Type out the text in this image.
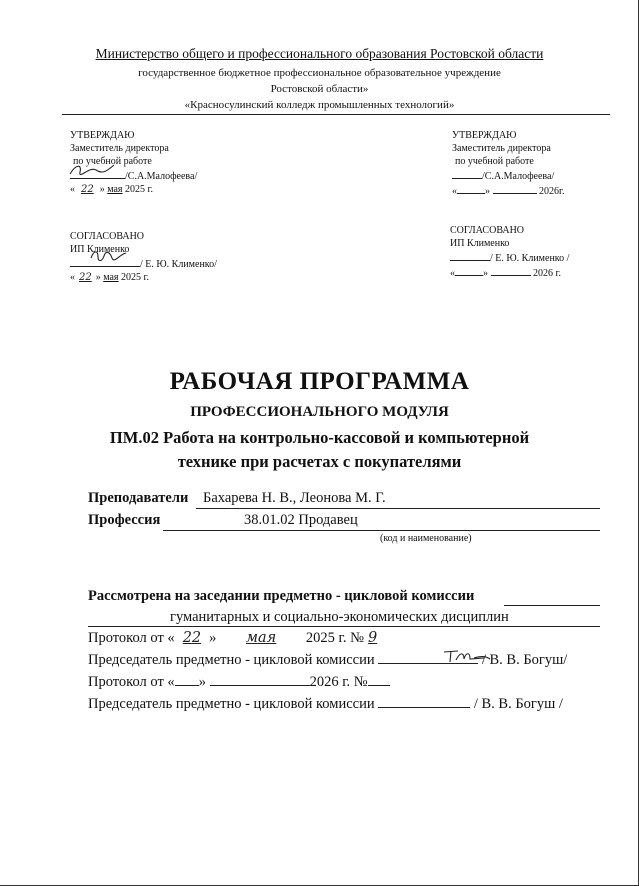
Министерство общего и профессионального образования Ростовской области
государственное бюджетное профессиональное образовательное учреждение
Ростовской области»
«Красносулинский колледж промышленных технологий»
УТВЕРЖДАЮ
Заместитель директора
по учебной работе
/С.А.Малофеева/
« 22 » мая 2025 г.
УТВЕРЖДАЮ
Заместитель директора
по учебной работе
/С.А.Малофеева/
«	»	2026г.
СОГЛАСОВАНО
ИП Клименко
/ Е. Ю. Клименко/
« 22 » мая 2025 г.
СОГЛАСОВАНО
ИП Клименко
/ Е. Ю. Клименко /
«	»	2026 г.
РАБОЧАЯ ПРОГРАММА
ПРОФЕССИОНАЛЬНОГО МОДУЛЯ
ПМ.02 Работа на контрольно-кассовой и компьютерной
технике при расчетах с покупателями
Преподаватели Бахарева Н. В., Леонова М. Г.
Профессия	38.01.02 Продавец
(код и наименование)
Рассмотрена на заседании предметно - цикловой комиссии
гуманитарных и социально-экономических дисциплин
Протокол от « 22 » мая 2025 г. № 9
Председатель предметно - цикловой комиссии	/ В. В. Богуш/
Протокол от « »	2026 г. №
Председатель предметно - цикловой комиссии	/ В. В. Богуш /
